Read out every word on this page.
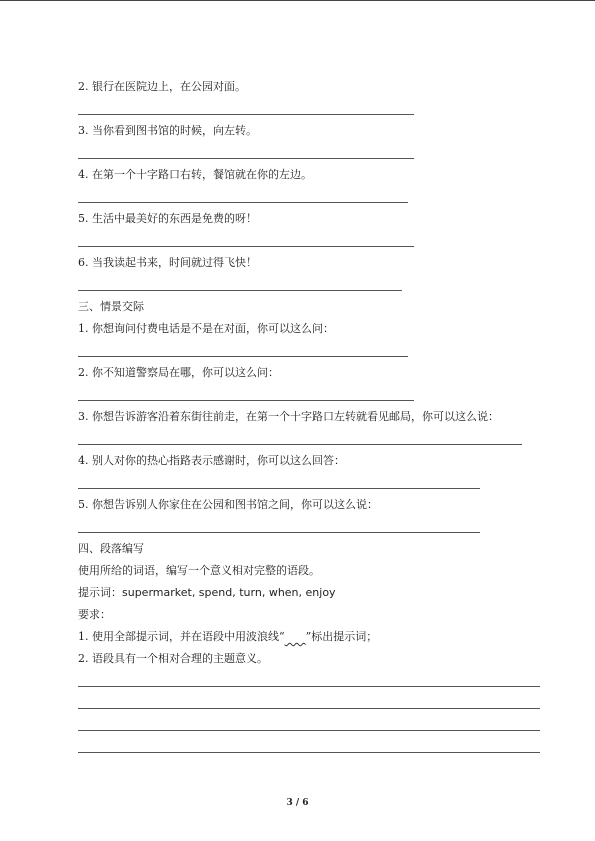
2. 银行在医院边上，在公园对面。
3. 当你看到图书馆的时候，向左转。
4. 在第一个十字路口右转，餐馆就在你的左边。
5. 生活中最美好的东西是免费的呀！
6. 当我读起书来，时间就过得飞快！
三、情景交际
1. 你想询问付费电话是不是在对面，你可以这么问：
2. 你不知道警察局在哪，你可以这么问：
3. 你想告诉游客沿着东街往前走，在第一个十字路口左转就看见邮局，你可以这么说：
4. 别人对你的热心指路表示感谢时，你可以这么回答：
5. 你想告诉别人你家住在公园和图书馆之间，你可以这么说：
四、段落编写
使用所给的词语，编写一个意义相对完整的语段。
提示词：supermarket, spend, turn, when, enjoy
要求：
1. 使用全部提示词，并在语段中用波浪线“ ”标出提示词；
2. 语段具有一个相对合理的主题意义。
3 / 6
